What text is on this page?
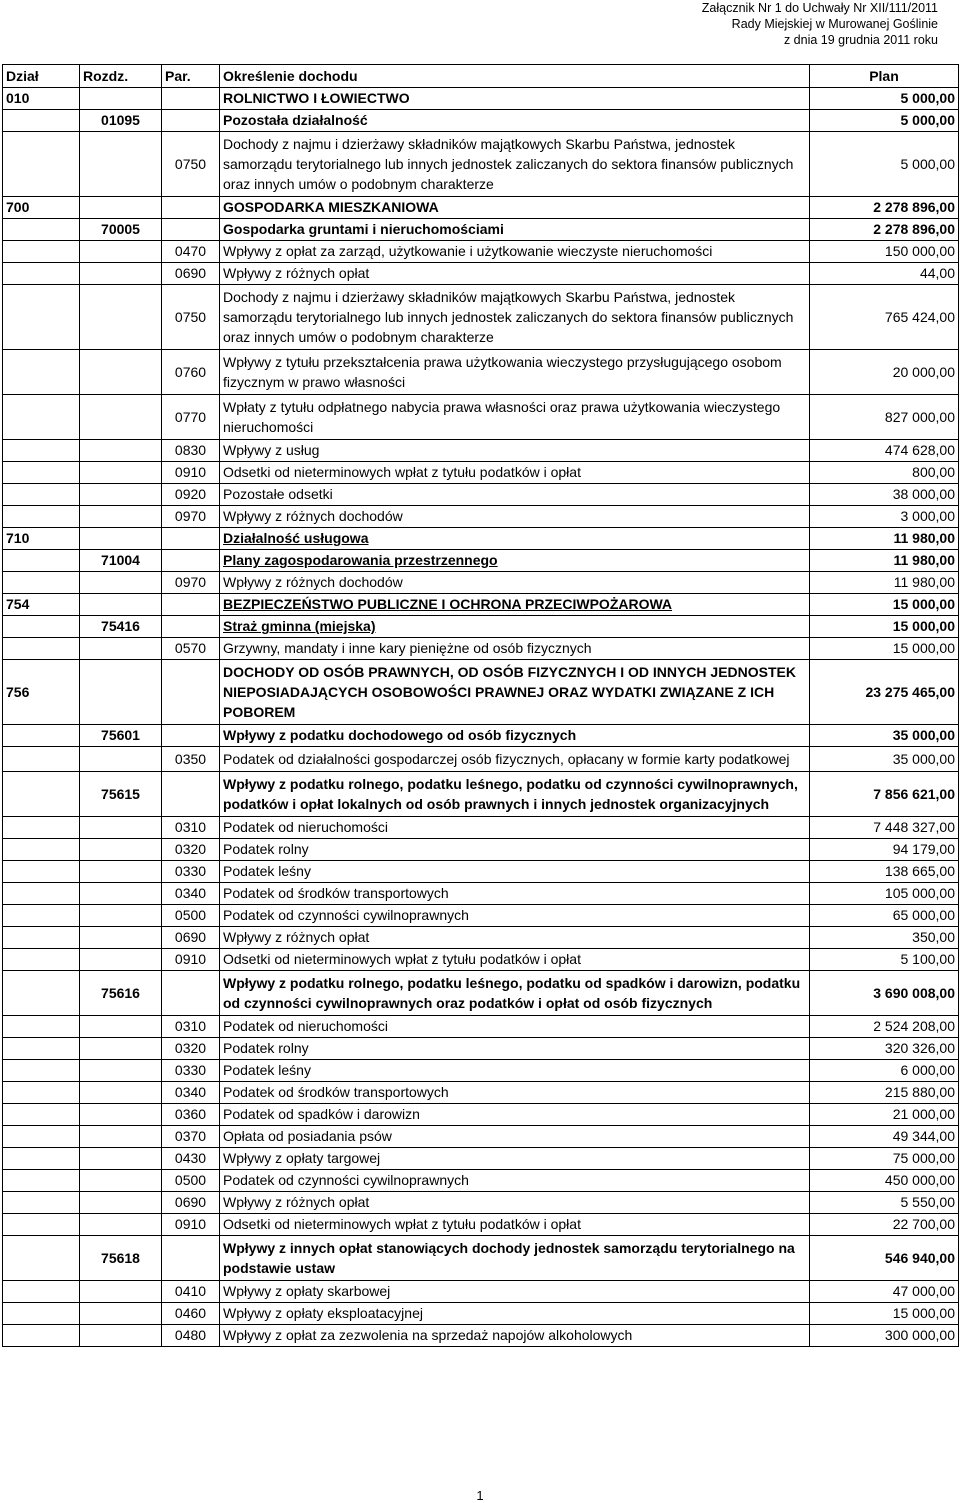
Załącznik Nr 1 do Uchwały Nr XII/111/2011
Rady Miejskiej w Murowanej Goślinie
z dnia 19 grudnia 2011 roku
Dział	Rozdz.	Par.	Określenie dochodu	Plan
010			ROLNICTWO I ŁOWIECTWO	5 000,00
	01095		Pozostała działalność	5 000,00
		0750	Dochody z najmu i dzierżawy składników majątkowych Skarbu Państwa, jednostek samorządu terytorialnego lub innych jednostek zaliczanych do sektora finansów publicznych oraz innych umów o podobnym charakterze	5 000,00
700			GOSPODARKA MIESZKANIOWA	2 278 896,00
	70005		Gospodarka gruntami i nieruchomościami	2 278 896,00
		0470	Wpływy z opłat za zarząd, użytkowanie i użytkowanie wieczyste nieruchomości	150 000,00
		0690	Wpływy z różnych opłat	44,00
		0750	Dochody z najmu i dzierżawy składników majątkowych Skarbu Państwa, jednostek samorządu terytorialnego lub innych jednostek zaliczanych do sektora finansów publicznych oraz innych umów o podobnym charakterze	765 424,00
		0760	Wpływy z tytułu przekształcenia prawa użytkowania wieczystego przysługującego osobom fizycznym w prawo własności	20 000,00
		0770	Wpłaty z tytułu odpłatnego nabycia prawa własności oraz prawa użytkowania wieczystego nieruchomości	827 000,00
		0830	Wpływy z usług	474 628,00
		0910	Odsetki od nieterminowych wpłat z tytułu podatków i opłat	800,00
		0920	Pozostałe odsetki	38 000,00
		0970	Wpływy z różnych dochodów	3 000,00
710			Działalność usługowa	11 980,00
	71004		Plany zagospodarowania przestrzennego	11 980,00
		0970	Wpływy z różnych dochodów	11 980,00
754			BEZPIECZEŃSTWO PUBLICZNE I OCHRONA PRZECIWPOŻAROWA	15 000,00
	75416		Straż gminna (miejska)	15 000,00
		0570	Grzywny, mandaty i inne kary pieniężne od osób fizycznych	15 000,00
756			DOCHODY OD OSÓB PRAWNYCH, OD OSÓB FIZYCZNYCH I OD INNYCH JEDNOSTEK NIEPOSIADAJĄCYCH OSOBOWOŚCI PRAWNEJ ORAZ WYDATKI ZWIĄZANE Z ICH POBOREM	23 275 465,00
	75601		Wpływy z podatku dochodowego od osób fizycznych	35 000,00
		0350	Podatek od działalności gospodarczej osób fizycznych, opłacany w formie karty podatkowej	35 000,00
	75615		Wpływy z podatku rolnego, podatku leśnego, podatku od czynności cywilnoprawnych, podatków i opłat lokalnych od osób prawnych i innych jednostek organizacyjnych	7 856 621,00
		0310	Podatek od nieruchomości	7 448 327,00
		0320	Podatek rolny	94 179,00
		0330	Podatek leśny	138 665,00
		0340	Podatek od środków transportowych	105 000,00
		0500	Podatek od czynności cywilnoprawnych	65 000,00
		0690	Wpływy z różnych opłat	350,00
		0910	Odsetki od nieterminowych wpłat z tytułu podatków i opłat	5 100,00
	75616		Wpływy z podatku rolnego, podatku leśnego, podatku od spadków i darowizn, podatku od czynności cywilnoprawnych oraz podatków i opłat od osób fizycznych	3 690 008,00
		0310	Podatek od nieruchomości	2 524 208,00
		0320	Podatek rolny	320 326,00
		0330	Podatek leśny	6 000,00
		0340	Podatek od środków transportowych	215 880,00
		0360	Podatek od spadków i darowizn	21 000,00
		0370	Opłata od posiadania psów	49 344,00
		0430	Wpływy z opłaty targowej	75 000,00
		0500	Podatek od czynności cywilnoprawnych	450 000,00
		0690	Wpływy z różnych opłat	5 550,00
		0910	Odsetki od nieterminowych wpłat z tytułu podatków i opłat	22 700,00
	75618		Wpływy z innych opłat stanowiących dochody jednostek samorządu terytorialnego na podstawie ustaw	546 940,00
		0410	Wpływy z opłaty skarbowej	47 000,00
		0460	Wpływy z opłaty eksploatacyjnej	15 000,00
		0480	Wpływy z opłat za zezwolenia na sprzedaż napojów alkoholowych	300 000,00
1
